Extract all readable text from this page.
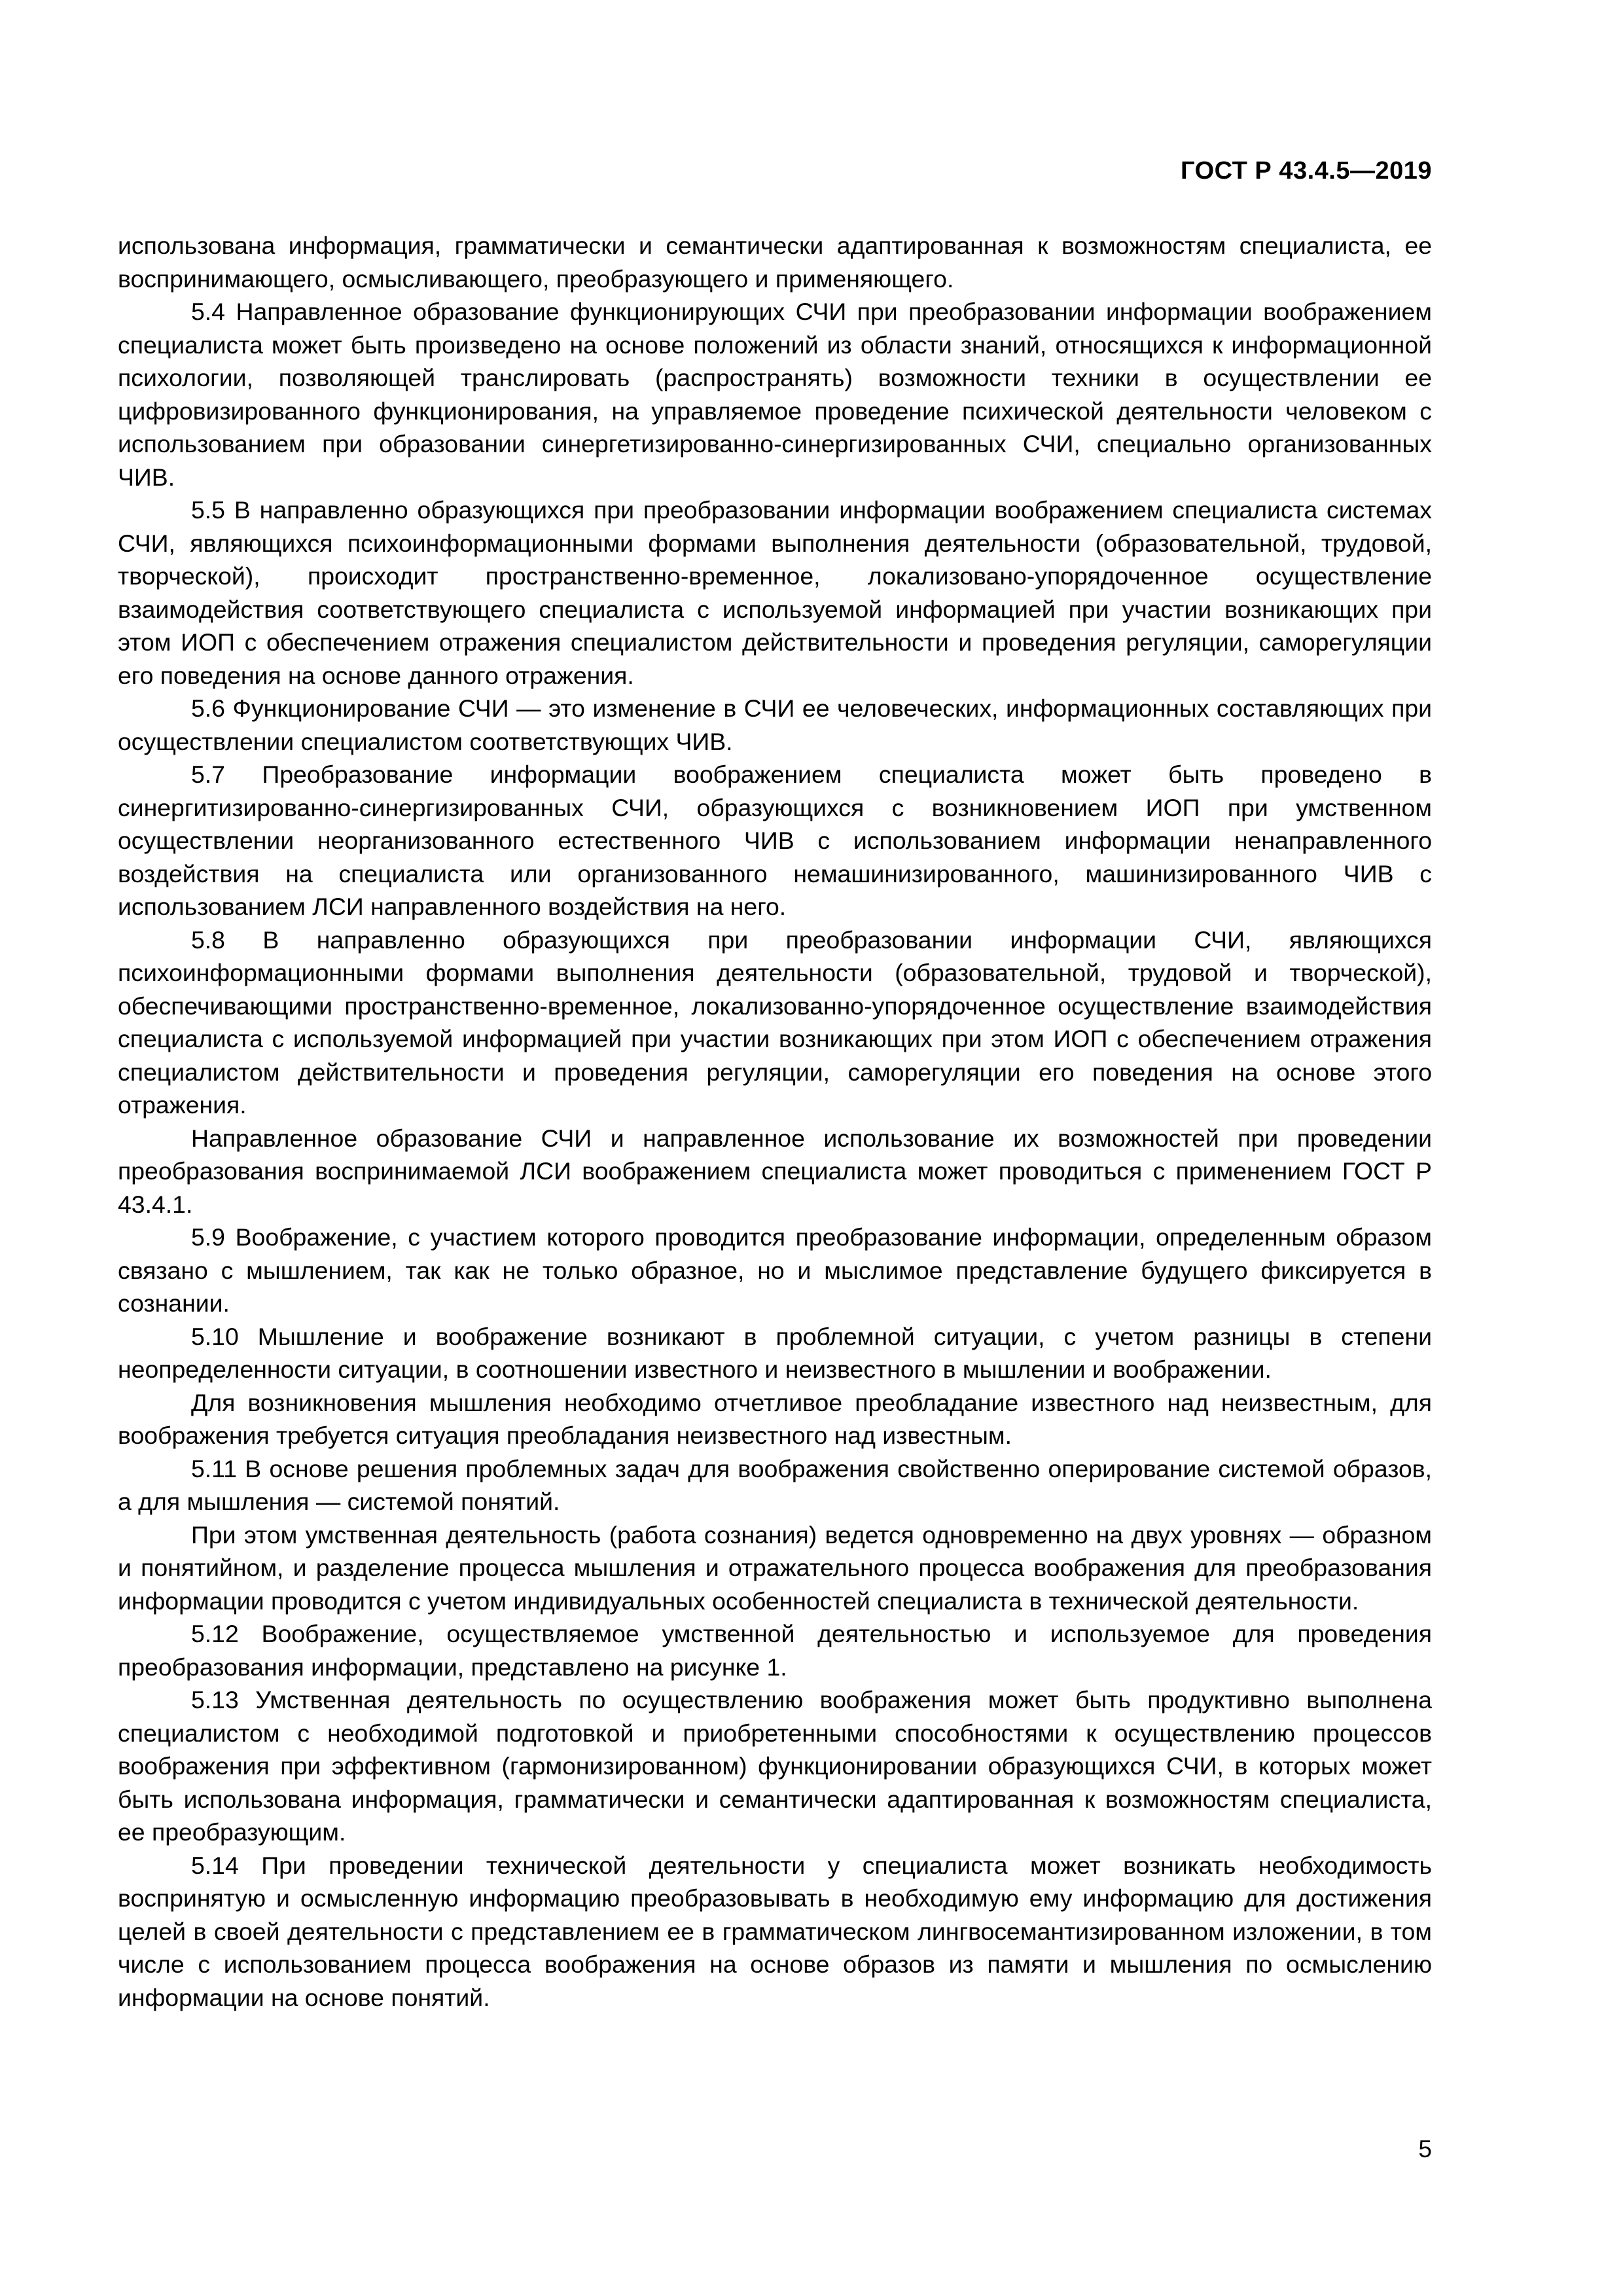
ГОСТ Р 43.4.5—2019

использована информация, грамматически и семантически адаптированная к возможностям специалиста, ее воспринимающего, осмысливающего, преобразующего и применяющего.

5.4 Направленное образование функционирующих СЧИ при преобразовании информации воображением специалиста может быть произведено на основе положений из области знаний, относящихся к информационной психологии, позволяющей транслировать (распространять) возможности техники в осуществлении ее цифровизированного функционирования, на управляемое проведение психической деятельности человеком с использованием при образовании синергетизированно-синергизированных СЧИ, специально организованных ЧИВ.

5.5 В направленно образующихся при преобразовании информации воображением специалиста системах СЧИ, являющихся психоинформационными формами выполнения деятельности (образовательной, трудовой, творческой), происходит пространственно-временное, локализовано-упорядоченное осуществление взаимодействия соответствующего специалиста с используемой информацией при участии возникающих при этом ИОП с обеспечением отражения специалистом действительности и проведения регуляции, саморегуляции его поведения на основе данного отражения.

5.6 Функционирование СЧИ — это изменение в СЧИ ее человеческих, информационных составляющих при осуществлении специалистом соответствующих ЧИВ.

5.7 Преобразование информации воображением специалиста может быть проведено в синергитизированно-синергизированных СЧИ, образующихся с возникновением ИОП при умственном осуществлении неорганизованного естественного ЧИВ с использованием информации ненаправленного воздействия на специалиста или организованного немашинизированного, машинизированного ЧИВ с использованием ЛСИ направленного воздействия на него.

5.8 В направленно образующихся при преобразовании информации СЧИ, являющихся психоинформационными формами выполнения деятельности (образовательной, трудовой и творческой), обеспечивающими пространственно-временное, локализованно-упорядоченное осуществление взаимодействия специалиста с используемой информацией при участии возникающих при этом ИОП с обеспечением отражения специалистом действительности и проведения регуляции, саморегуляции его поведения на основе этого отражения.

Направленное образование СЧИ и направленное использование их возможностей при проведении преобразования воспринимаемой ЛСИ воображением специалиста может проводиться с применением ГОСТ Р 43.4.1.

5.9 Воображение, с участием которого проводится преобразование информации, определенным образом связано с мышлением, так как не только образное, но и мыслимое представление будущего фиксируется в сознании.

5.10 Мышление и воображение возникают в проблемной ситуации, с учетом разницы в степени неопределенности ситуации, в соотношении известного и неизвестного в мышлении и воображении.

Для возникновения мышления необходимо отчетливое преобладание известного над неизвестным, для воображения требуется ситуация преобладания неизвестного над известным.

5.11 В основе решения проблемных задач для воображения свойственно оперирование системой образов, а для мышления — системой понятий.

При этом умственная деятельность (работа сознания) ведется одновременно на двух уровнях — образном и понятийном, и разделение процесса мышления и отражательного процесса воображения для преобразования информации проводится с учетом индивидуальных особенностей специалиста в технической деятельности.

5.12 Воображение, осуществляемое умственной деятельностью и используемое для проведения преобразования информации, представлено на рисунке 1.

5.13 Умственная деятельность по осуществлению воображения может быть продуктивно выполнена специалистом с необходимой подготовкой и приобретенными способностями к осуществлению процессов воображения при эффективном (гармонизированном) функционировании образующихся СЧИ, в которых может быть использована информация, грамматически и семантически адаптированная к возможностям специалиста, ее преобразующим.

5.14 При проведении технической деятельности у специалиста может возникать необходимость воспринятую и осмысленную информацию преобразовывать в необходимую ему информацию для достижения целей в своей деятельности с представлением ее в грамматическом лингвосемантизированном изложении, в том числе с использованием процесса воображения на основе образов из памяти и мышления по осмыслению информации на основе понятий.

5
